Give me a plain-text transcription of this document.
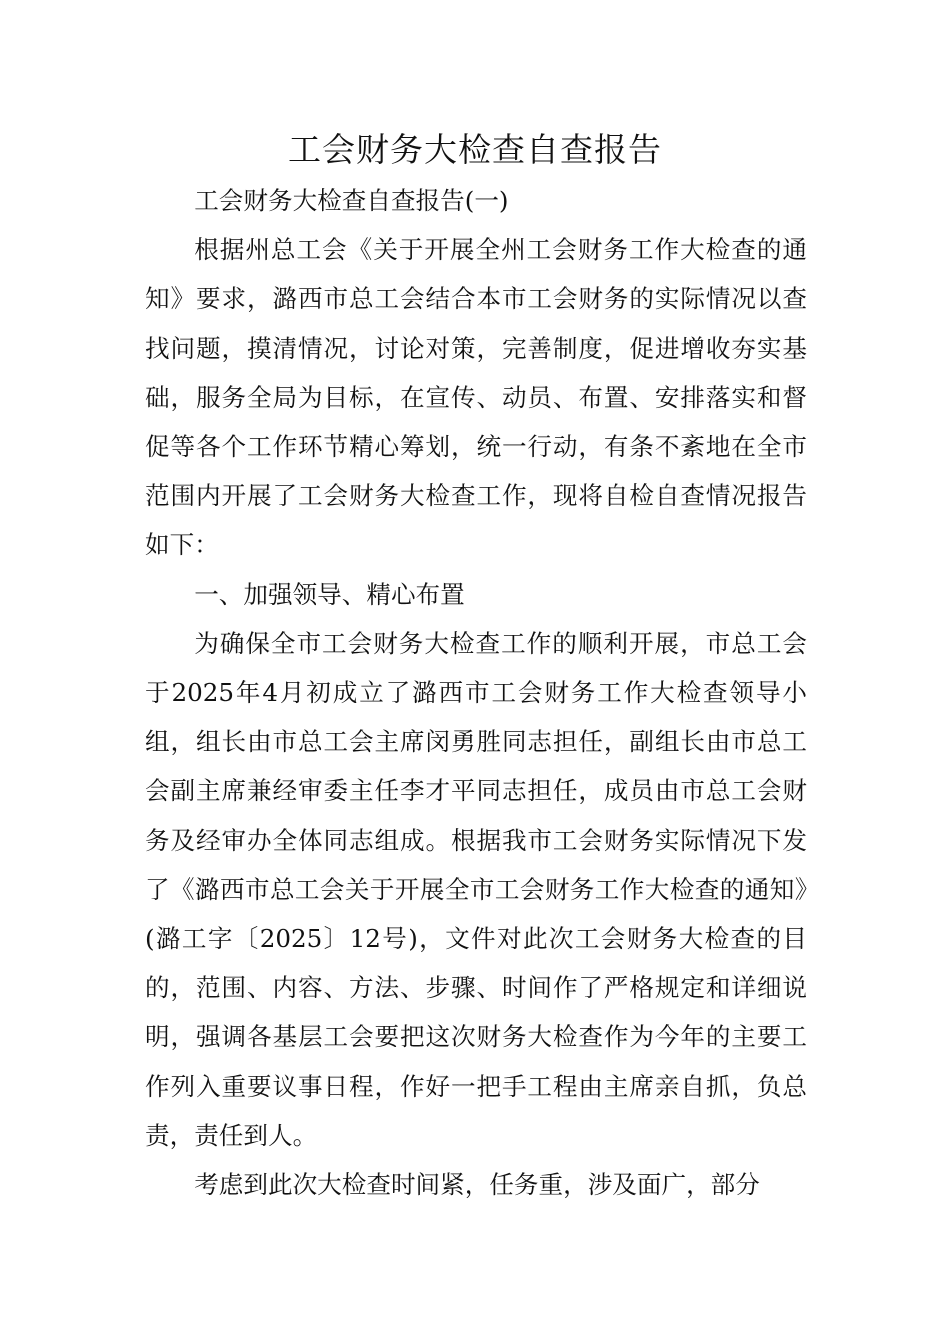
工会财务大检查自查报告

工会财务大检查自查报告(一)

根据州总工会《关于开展全州工会财务工作大检查的通知》要求，潞西市总工会结合本市工会财务的实际情况以查找问题，摸清情况，讨论对策，完善制度，促进增收夯实基础，服务全局为目标，在宣传、动员、布置、安排落实和督促等各个工作环节精心筹划，统一行动，有条不紊地在全市范围内开展了工会财务大检查工作，现将自检自查情况报告如下：

一、加强领导、精心布置

为确保全市工会财务大检查工作的顺利开展，市总工会于2025年4月初成立了潞西市工会财务工作大检查领导小组，组长由市总工会主席闵勇胜同志担任，副组长由市总工会副主席兼经审委主任李才平同志担任，成员由市总工会财务及经审办全体同志组成。根据我市工会财务实际情况下发了《潞西市总工会关于开展全市工会财务工作大检查的通知》(潞工字〔2025〕12号)，文件对此次工会财务大检查的目的，范围、内容、方法、步骤、时间作了严格规定和详细说明，强调各基层工会要把这次财务大检查作为今年的主要工作列入重要议事日程，作好一把手工程由主席亲自抓，负总责，责任到人。

考虑到此次大检查时间紧，任务重，涉及面广，部分
